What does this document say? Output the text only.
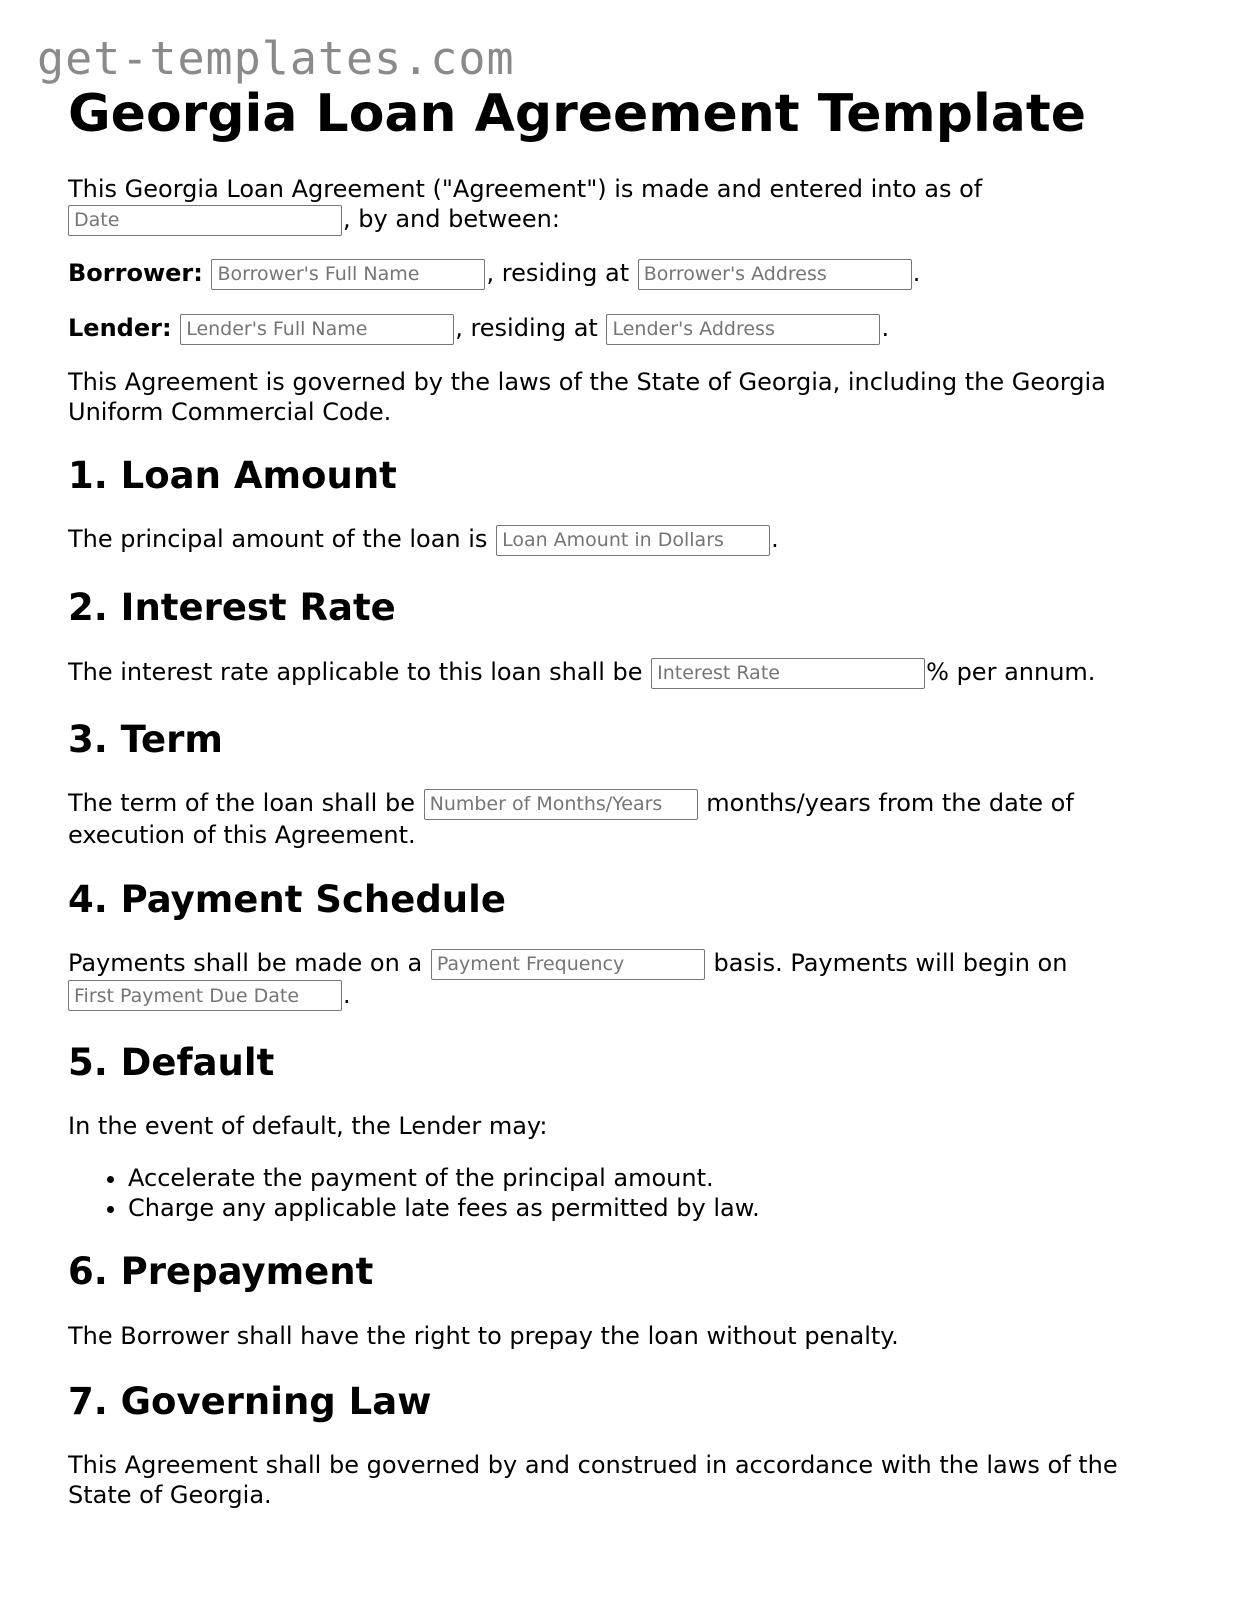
get-templates.com
Georgia Loan Agreement Template

This Georgia Loan Agreement ("Agreement") is made and entered into as of
Date, by and between:

Borrower: Borrower's Full Name	, residing at Borrower's Address	.

Lender: Lender's Full Name	, residing at Lender's Address	.

This Agreement is governed by the laws of the State of Georgia, including the Georgia
Uniform Commercial Code.

1. Loan Amount

The principal amount of the loan is Loan Amount in Dollars	.

2. Interest Rate

The interest rate applicable to this loan shall be Interest Rate	% per annum.

3. Term

The term of the loan shall be Number of Months/Years	months/years from the date of
execution of this Agreement.

4. Payment Schedule

Payments shall be made on a Payment Frequency	basis. Payments will begin on
First Payment Due Date.

5. Default

In the event of default, the Lender may:

• Accelerate the payment of the principal amount.
• Charge any applicable late fees as permitted by law.
6. Prepayment

The Borrower shall have the right to prepay the loan without penalty.

7. Governing Law

This Agreement shall be governed by and construed in accordance with the laws of the
State of Georgia.
